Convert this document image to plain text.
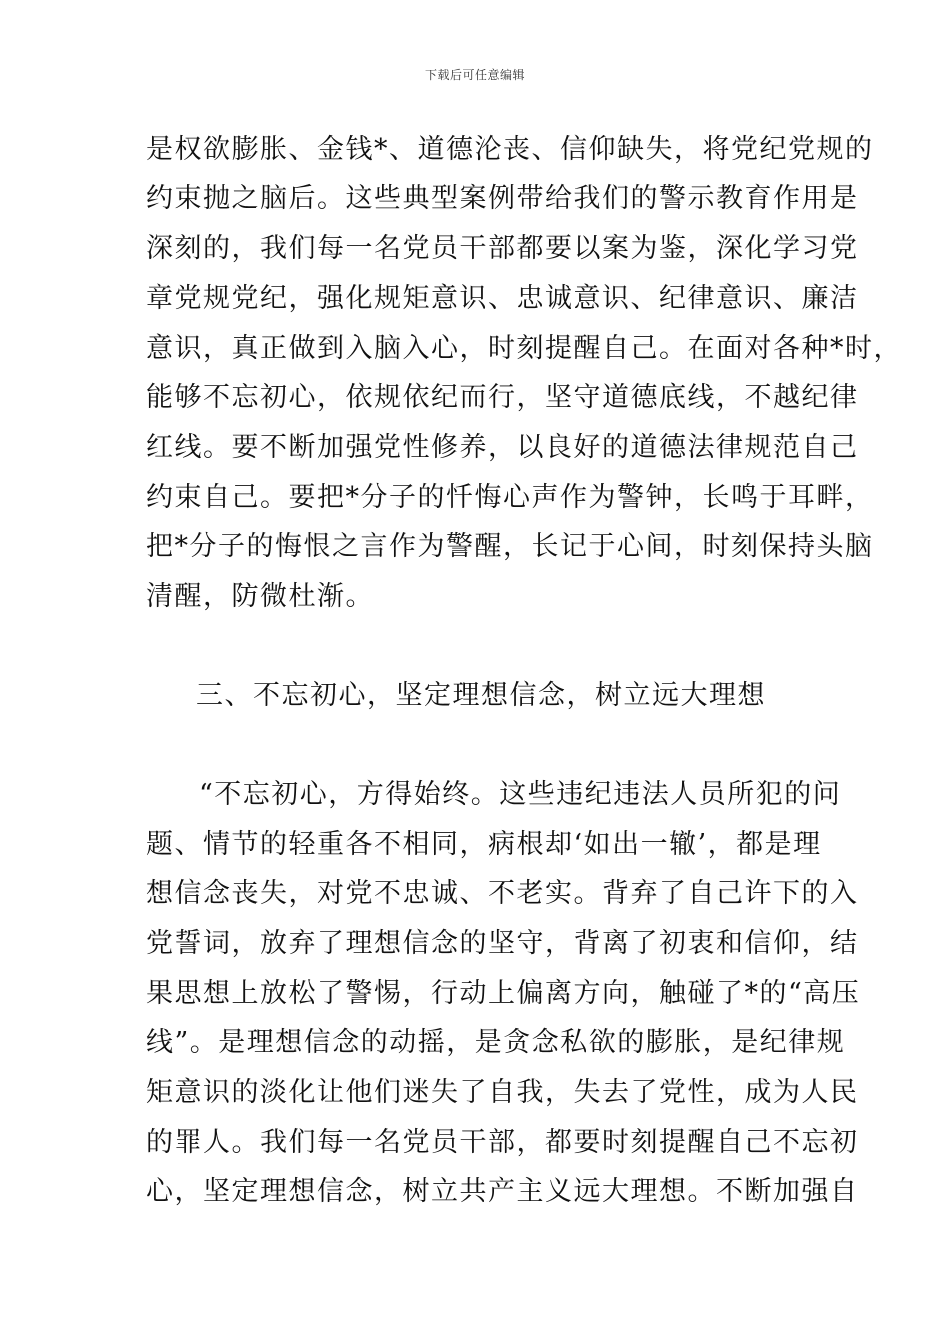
下载后可任意编辑
是权欲膨胀、金钱*、道德沦丧、信仰缺失，将党纪党规的
约束抛之脑后。这些典型案例带给我们的警示教育作用是
深刻的，我们每一名党员干部都要以案为鉴，深化学习党
章党规党纪，强化规矩意识、忠诚意识、纪律意识、廉洁
意识，真正做到入脑入心，时刻提醒自己。在面对各种*时，
能够不忘初心，依规依纪而行，坚守道德底线，不越纪律
红线。要不断加强党性修养，以良好的道德法律规范自己
约束自己。要把*分子的忏悔心声作为警钟，长鸣于耳畔，
把*分子的悔恨之言作为警醒，长记于心间，时刻保持头脑
清醒，防微杜渐。
三、不忘初心，坚定理想信念，树立远大理想
“不忘初心，方得始终。这些违纪违法人员所犯的问
题、情节的轻重各不相同，病根却‘如出一辙’，都是理
想信念丧失，对党不忠诚、不老实。背弃了自己许下的入
党誓词，放弃了理想信念的坚守，背离了初衷和信仰，结
果思想上放松了警惕，行动上偏离方向，触碰了*的“高压
线”。是理想信念的动摇，是贪念私欲的膨胀，是纪律规
矩意识的淡化让他们迷失了自我，失去了党性，成为人民
的罪人。我们每一名党员干部，都要时刻提醒自己不忘初
心，坚定理想信念，树立共产主义远大理想。不断加强自
